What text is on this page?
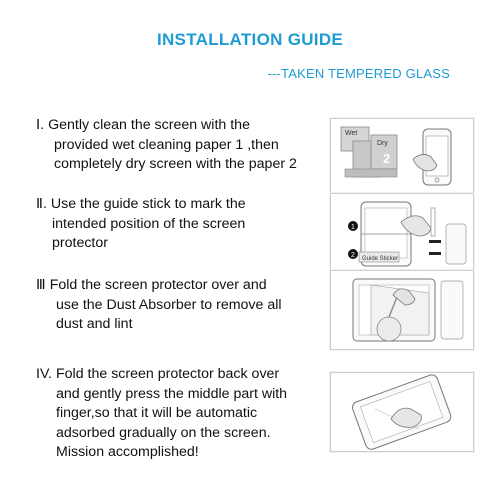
INSTALLATION GUIDE
---TAKEN TEMPERED GLASS
Ⅰ. Gently clean the screen with the
provided wet cleaning paper 1 ,then
completely dry screen with the paper 2
Wet
Dry
2
Ⅱ. Use the guide stick to mark the
intended position of the screen
protector
1
2 Guide Sticker
Ⅲ Fold the screen protector over and
use the Dust Absorber to remove all
dust and lint
IV. Fold the screen protector back over
and gently press the middle part with
finger,so that it will be automatic
adsorbed gradually on the screen.
Mission accomplished!
